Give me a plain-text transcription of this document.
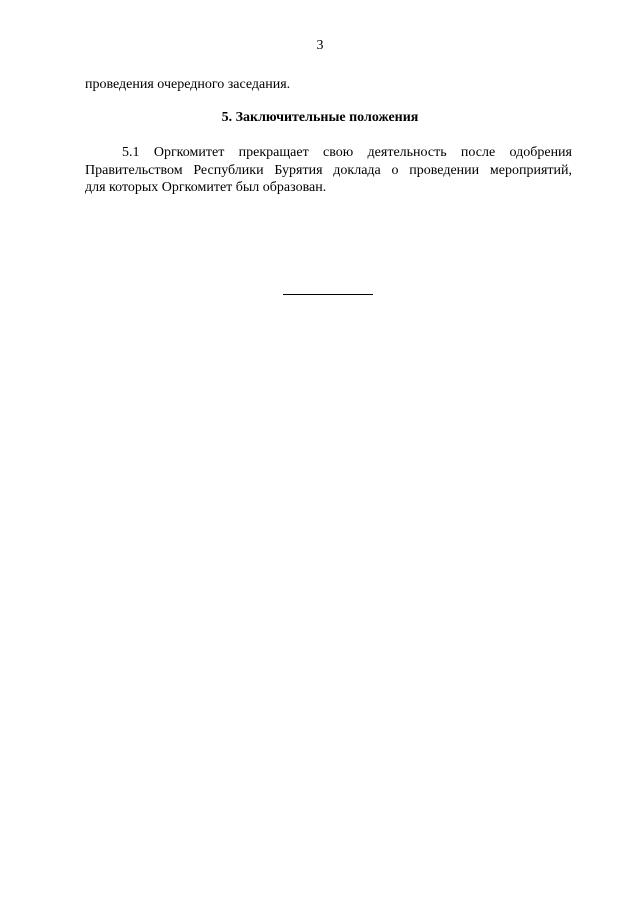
3
проведения очередного заседания.
5. Заключительные положения
5.1 Оргкомитет прекращает свою деятельность после одобрения
Правительством Республики Бурятия доклада о проведении мероприятий,
для которых Оргкомитет был образован.
